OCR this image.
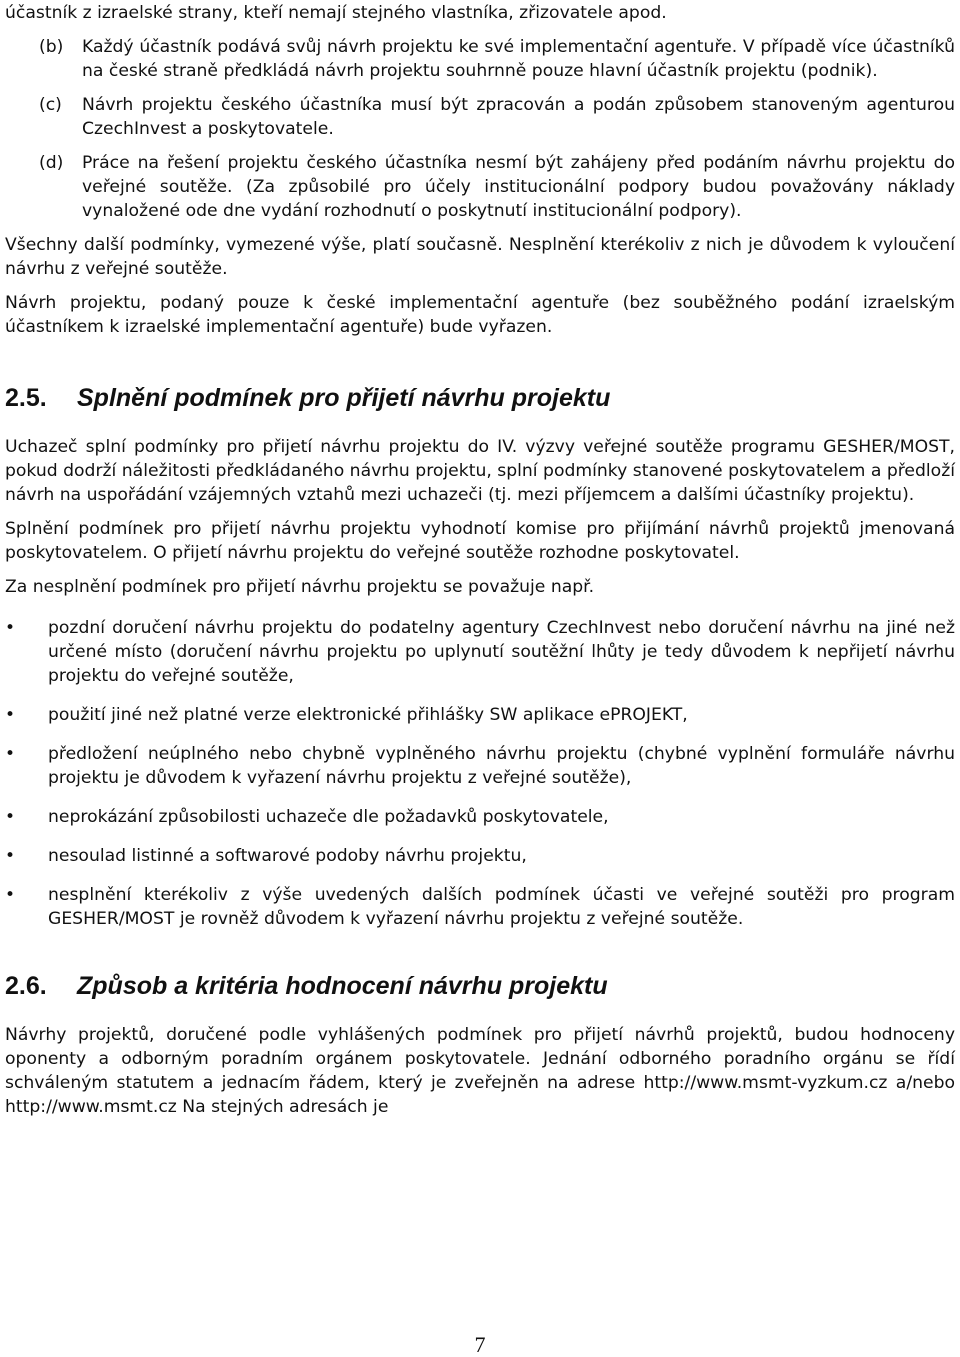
účastník z izraelské strany, kteří nemají stejného vlastníka, zřizovatele apod.

(b)	Každý účastník podává svůj návrh projektu ke své implementační agentuře. V případě více účastníků na české straně předkládá návrh projektu souhrnně pouze hlavní účastník projektu (podnik).
(c)	Návrh projektu českého účastníka musí být zpracován a podán způsobem stanoveným agenturou CzechInvest a poskytovatele.
(d)	Práce na řešení projektu českého účastníka nesmí být zahájeny před podáním návrhu projektu do veřejné soutěže. (Za způsobilé pro účely institucionální podpory budou považovány náklady vynaložené ode dne vydání rozhodnutí o poskytnutí institucionální podpory).

Všechny další podmínky, vymezené výše, platí současně. Nesplnění kterékoliv z nich je důvodem k vyloučení návrhu z veřejné soutěže.

Návrh projektu, podaný pouze k české implementační agentuře (bez souběžného podání izraelským účastníkem k izraelské implementační agentuře) bude vyřazen.

2.5.	Splnění podmínek pro přijetí návrhu projektu

Uchazeč splní podmínky pro přijetí návrhu projektu do IV. výzvy veřejné soutěže programu GESHER/MOST, pokud dodrží náležitosti předkládaného návrhu projektu, splní podmínky stanovené poskytovatelem a předloží návrh na uspořádání vzájemných vztahů mezi uchazeči (tj. mezi příjemcem a dalšími účastníky projektu).

Splnění podmínek pro přijetí návrhu projektu vyhodnotí komise pro přijímání návrhů projektů jmenovaná poskytovatelem. O přijetí návrhu projektu do veřejné soutěže rozhodne poskytovatel.

Za nesplnění podmínek pro přijetí návrhu projektu se považuje např.

•	pozdní doručení návrhu projektu do podatelny agentury CzechInvest nebo doručení návrhu na jiné než určené místo (doručení návrhu projektu po uplynutí soutěžní lhůty je tedy důvodem k nepřijetí návrhu projektu do veřejné soutěže,
•	použití jiné než platné verze elektronické přihlášky SW aplikace ePROJEKT,
•	předložení neúplného nebo chybně vyplněného návrhu projektu (chybné vyplnění formuláře návrhu projektu je důvodem k vyřazení návrhu projektu z veřejné soutěže),
•	neprokázání způsobilosti uchazeče dle požadavků poskytovatele,
•	nesoulad listinné a softwarové podoby návrhu projektu,
•	nesplnění kterékoliv z výše uvedených dalších podmínek účasti ve veřejné soutěži pro program GESHER/MOST je rovněž důvodem k vyřazení návrhu projektu z veřejné soutěže.
2.6.	Způsob a kritéria hodnocení návrhu projektu

Návrhy projektů, doručené podle vyhlášených podmínek pro přijetí návrhů projektů, budou hodnoceny oponenty a odborným poradním orgánem poskytovatele. Jednání odborného poradního orgánu se řídí schváleným statutem a jednacím řádem, který je zveřejněn na adrese http://www.msmt-vyzkum.cz a/nebo http://www.msmt.cz Na stejných adresách je

7
